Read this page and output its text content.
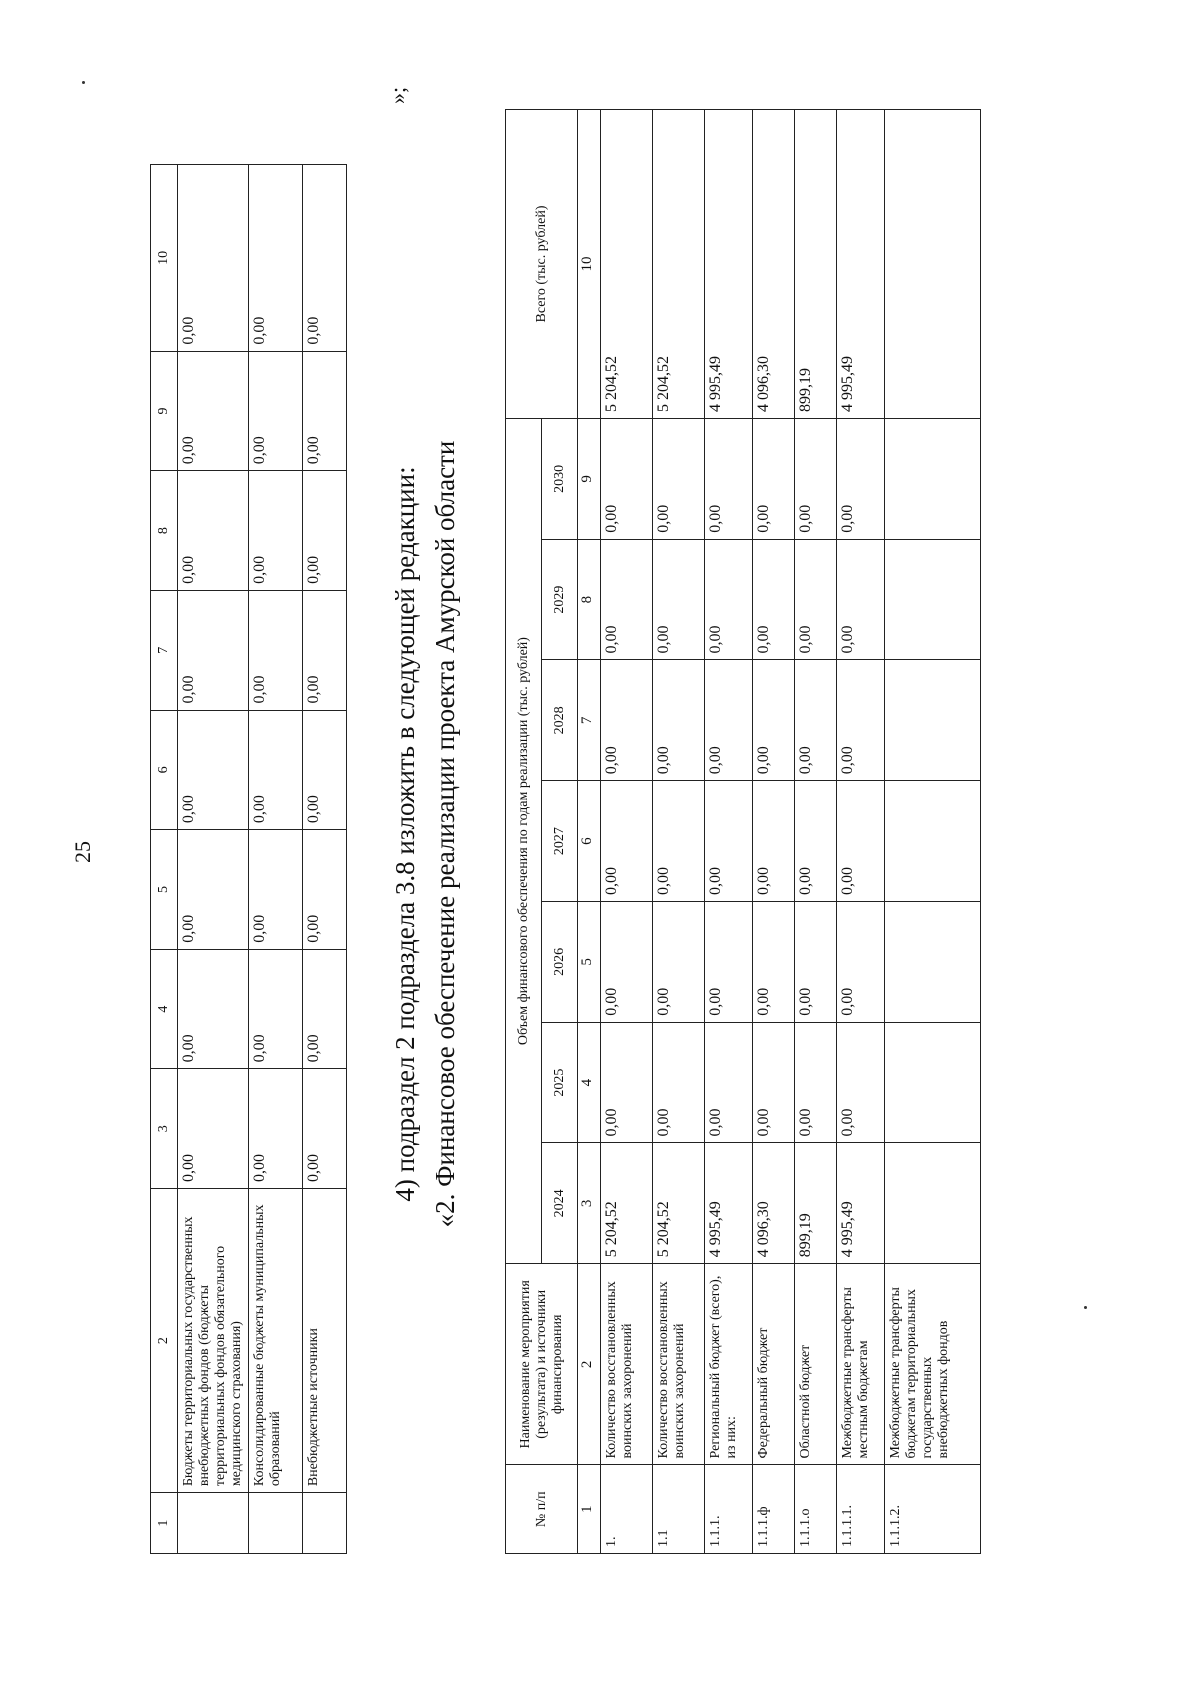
25
1	2	3	4	5	6	7	8	9	10
	Бюджеты территориальных государственных внебюджетных фондов (бюджеты территориальных фондов обязательного медицинского страхования)	0,00	0,00	0,00	0,00	0,00	0,00	0,00	0,00
	Консолидированные бюджеты муниципальных образований	0,00	0,00	0,00	0,00	0,00	0,00	0,00	0,00
	Внебюджетные источники	0,00	0,00	0,00	0,00	0,00	0,00	0,00	0,00
»;
4) подраздел 2 подраздела 3.8 изложить в следующей редакции: «2. Финансовое обеспечение реализации проекта Амурской области
№ п/п	Наименование мероприятия (результата) и источники финансирования	Объем финансового обеспечения по годам реализации (тыс. рублей)							Всего (тыс. рублей)
		2024	2025	2026	2027	2028	2029	2030	
1	2	3	4	5	6	7	8	9	10
1.	Количество восстановленных воинских захоронений	5 204,52	0,00	0,00	0,00	0,00	0,00	0,00	5 204,52
1.1	Количество восстановленных воинских захоронений	5 204,52	0,00	0,00	0,00	0,00	0,00	0,00	5 204,52
1.1.1.	Региональный бюджет (всего), из них:	4 995,49	0,00	0,00	0,00	0,00	0,00	0,00	4 995,49
1.1.1.ф	Федеральный бюджет	4 096,30	0,00	0,00	0,00	0,00	0,00	0,00	4 096,30
1.1.1.о	Областной бюджет	899,19	0,00	0,00	0,00	0,00	0,00	0,00	899,19
1.1.1.1.	Межбюджетные трансферты местным бюджетам	4 995,49	0,00	0,00	0,00	0,00	0,00	0,00	4 995,49
1.1.1.2.	Межбюджетные трансферты бюджетам территориальных государственных внебюджетных фондов								
